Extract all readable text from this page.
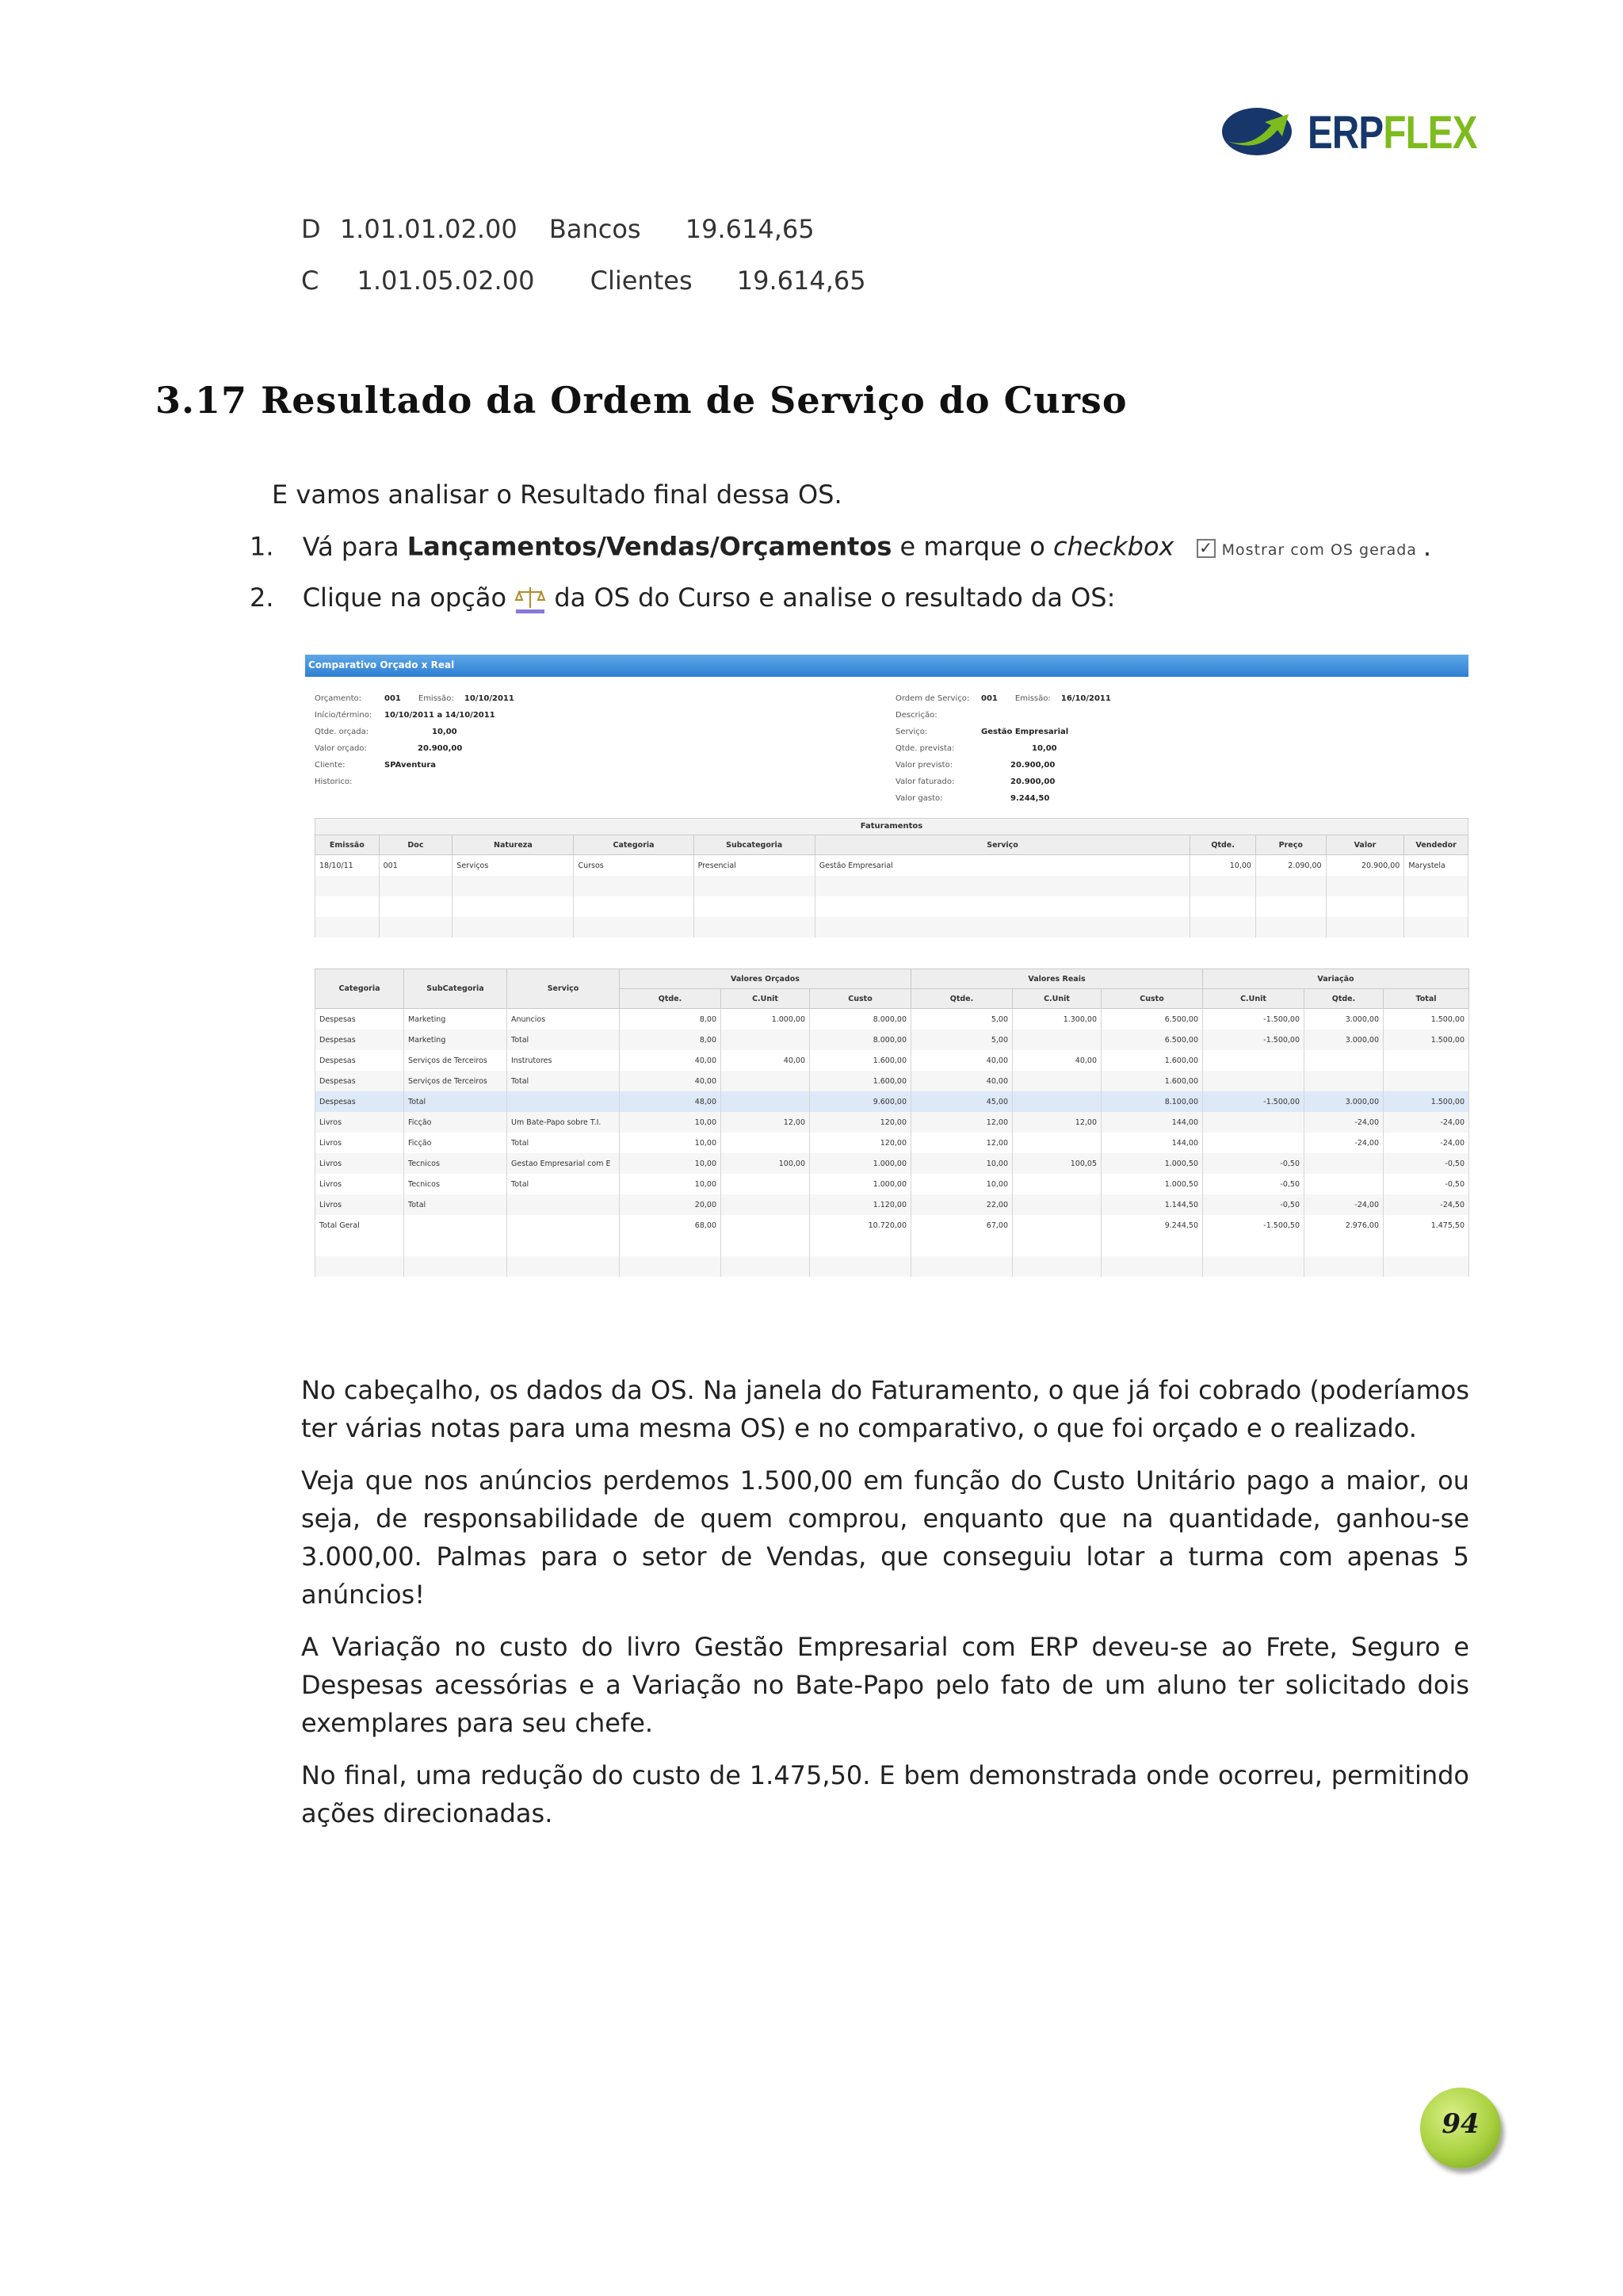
ERPFLEX
D 1.01.01.02.00 Bancos 19.614,65
C 1.01.05.02.00 Clientes 19.614,65
3.17 Resultado da Ordem de Serviço do Curso
E vamos analisar o Resultado final dessa OS.
1. Vá para Lançamentos/Vendas/Orçamentos e marque o checkbox ✓ Mostrar com OS gerada .
2. Clique na opção  da OS do Curso e analise o resultado da OS:
Comparativo Orçado x Real
Orçamento:	001 Emissão: 10/10/2011
Início/término: 10/10/2011 a 14/10/2011
Qtde. orçada:	10,00
Valor orçado:	20.900,00
Cliente:	SPAventura
Historico:
Ordem de Serviço: 001 Emissão: 16/10/2011
Descrição:
Serviço:	Gestão Empresarial
Qtde. prevista:	10,00
Valor previsto:	20.900,00
Valor faturado:	20.900,00
Valor gasto:	9.244,50
Faturamentos
Emissão	Doc	Natureza	Categoria	Subcategoria	Serviço	Qtde.	Preço	Valor	Vendedor
18/10/11	001	Serviços	Cursos	Presencial	Gestão Empresarial	10,00	2.090,00	20.900,00	Marystela

Categoria	SubCategoria	Serviço	Valores Orçados			Valores Reais			Variação		
			Qtde.	C.Unit	Custo	Qtde.	C.Unit	Custo	C.Unit	Qtde.	Total
Despesas	Marketing	Anuncios	8,00	1.000,00	8.000,00	5,00	1.300,00	6.500,00	-1.500,00	3.000,00	1.500,00
Despesas	Marketing	Total	8,00		8.000,00	5,00		6.500,00	-1.500,00	3.000,00	1.500,00
Despesas	Serviços de Terceiros	Instrutores	40,00	40,00	1.600,00	40,00	40,00	1.600,00			
Despesas	Serviços de Terceiros	Total	40,00		1.600,00	40,00		1.600,00			
Despesas	Total		48,00		9.600,00	45,00		8.100,00	-1.500,00	3.000,00	1.500,00
Livros	Ficção	Um Bate-Papo sobre T.I.	10,00	12,00	120,00	12,00	12,00	144,00		-24,00	-24,00
Livros	Ficção	Total	10,00		120,00	12,00		144,00		-24,00	-24,00
Livros	Tecnicos	Gestao Empresarial com E	10,00	100,00	1.000,00	10,00	100,05	1.000,50	-0,50		-0,50
Livros	Tecnicos	Total	10,00		1.000,00	10,00		1.000,50	-0,50		-0,50
Livros	Total		20,00		1.120,00	22,00		1.144,50	-0,50	-24,00	-24,50
Total Geral			68,00		10.720,00	67,00		9.244,50	-1.500,50	2.976,00	1.475,50

No cabeçalho, os dados da OS. Na janela do Faturamento, o que já foi cobrado (poderíamos ter várias notas para uma mesma OS) e no comparativo, o que foi orçado e o realizado.

Veja que nos anúncios perdemos 1.500,00 em função do Custo Unitário pago a maior, ou seja, de responsabilidade de quem comprou, enquanto que na quantidade, ganhou-se 3.000,00. Palmas para o setor de Vendas, que conseguiu lotar a turma com apenas 5 anúncios!

A Variação no custo do livro Gestão Empresarial com ERP deveu-se ao Frete, Seguro e Despesas acessórias e a Variação no Bate-Papo pelo fato de um aluno ter solicitado dois exemplares para seu chefe.

No final, uma redução do custo de 1.475,50. E bem demonstrada onde ocorreu, permitindo ações direcionadas.

94
